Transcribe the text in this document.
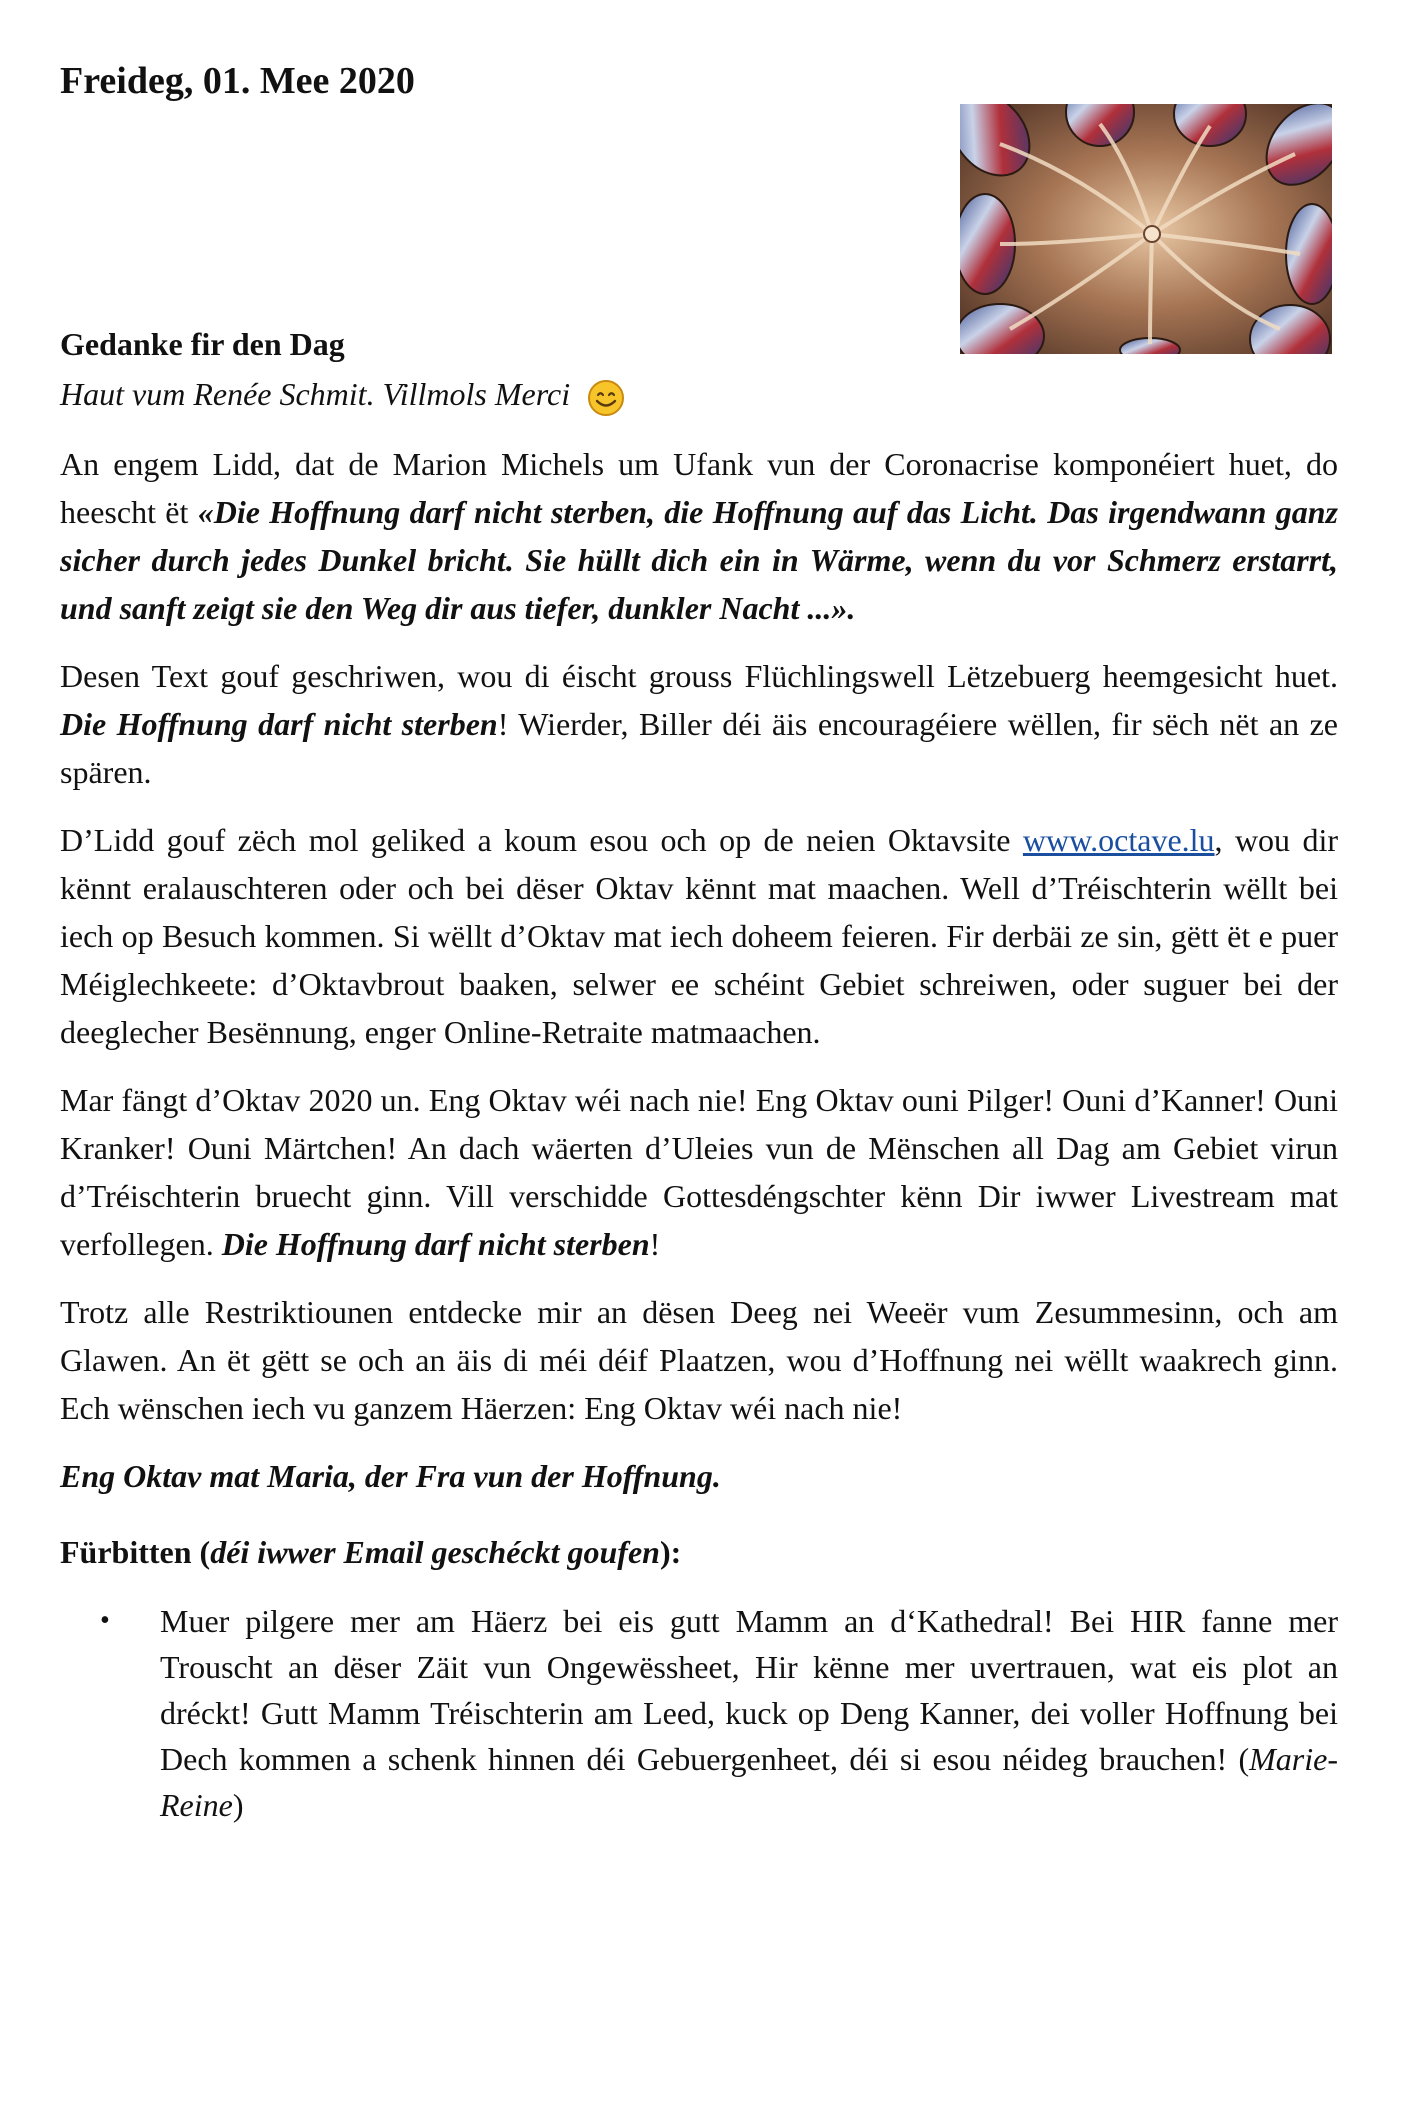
Freideg, 01. Mee 2020
Gedanke fir den Dag

Haut vum Renée Schmit. Villmols Merci

An engem Lidd, dat de Marion Michels um Ufank vun der Coronacrise komponéiert huet, do heescht ët «Die Hoffnung darf nicht sterben, die Hoffnung auf das Licht. Das irgendwann ganz sicher durch jedes Dunkel bricht. Sie hüllt dich ein in Wärme, wenn du vor Schmerz erstarrt, und sanft zeigt sie den Weg dir aus tiefer, dunkler Nacht ...».

Desen Text gouf geschriwen, wou di éischt grouss Flüchlingswell Lëtzebuerg heemgesicht huet. Die Hoffnung darf nicht sterben! Wierder, Biller déi äis encouragéiere wëllen, fir sëch nët an ze spären.

D’Lidd gouf zëch mol geliked a koum esou och op de neien Oktavsite www.octave.lu, wou dir kënnt eralauschteren oder och bei dëser Oktav kënnt mat maachen. Well d’Tréischterin wëllt bei iech op Besuch kommen. Si wëllt d’Oktav mat iech doheem feieren. Fir derbäi ze sin, gëtt ët e puer Méiglechkeete: d’Oktavbrout baaken, selwer ee schéint Gebiet schreiwen, oder suguer bei der deeglecher Besënnung, enger Online-Retraite matmaachen.

Mar fängt d’Oktav 2020 un. Eng Oktav wéi nach nie! Eng Oktav ouni Pilger! Ouni d’Kanner! Ouni Kranker! Ouni Märtchen! An dach wäerten d’Uleies vun de Mënschen all Dag am Gebiet virun d’Tréischterin bruecht ginn. Vill verschidde Gottesdéngschter kënn Dir iwwer Livestream mat verfollegen. Die Hoffnung darf nicht sterben!

Trotz alle Restriktiounen entdecke mir an dësen Deeg nei Weeër vum Zesummesinn, och am Glawen. An ët gëtt se och an äis di méi déif Plaatzen, wou d’Hoffnung nei wëllt waakrech ginn. Ech wënschen iech vu ganzem Häerzen: Eng Oktav wéi nach nie!

Eng Oktav mat Maria, der Fra vun der Hoffnung.

Fürbitten (déi iwwer Email geschéckt goufen):

• Muer pilgere mer am Häerz bei eis gutt Mamm an d‘Kathedral! Bei HIR fanne mer Trouscht an dëser Zäit vun Ongewëssheet, Hir kënne mer uvertrauen, wat eis plot an dréckt! Gutt Mamm Tréischterin am Leed, kuck op Deng Kanner, dei voller Hoffnung bei Dech kommen a schenk hinnen déi Gebuergenheet, déi si esou néideg brauchen! (Marie-Reine)
